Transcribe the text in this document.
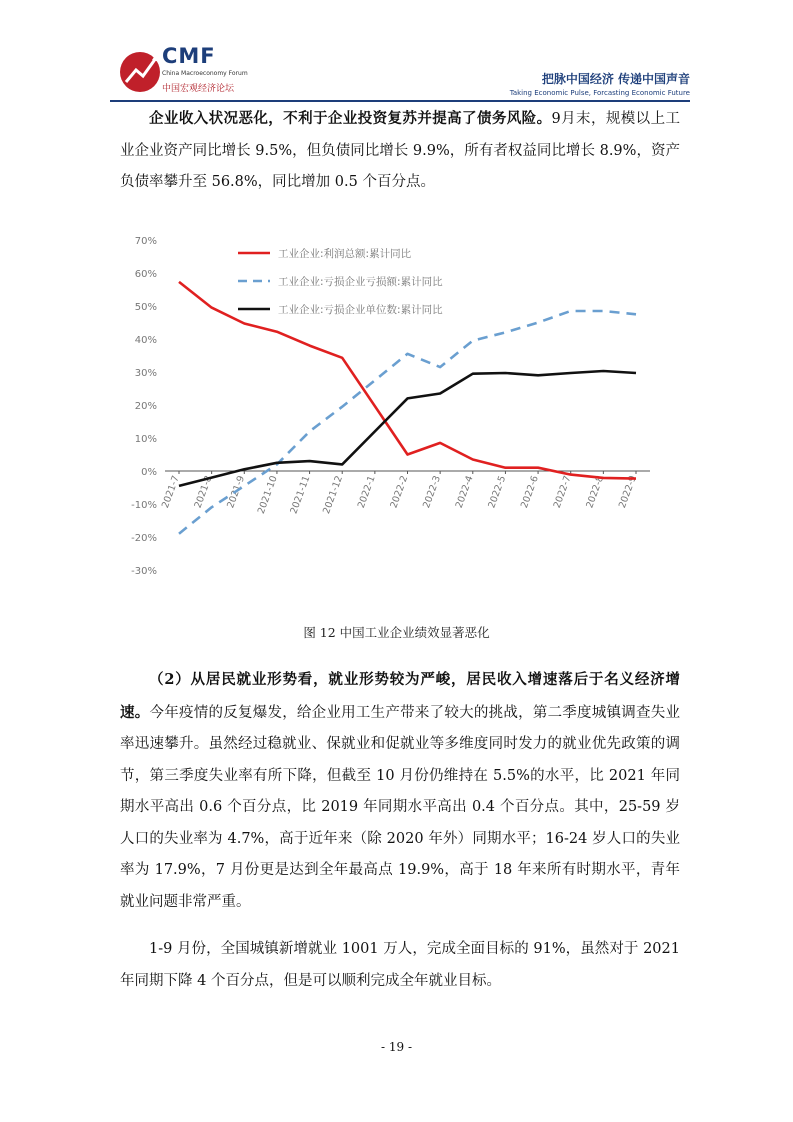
CMF
China Macroeconomy Forum
中国宏观经济论坛
把脉中国经济 传递中国声音
Taking Economic Pulse, Forcasting Economic Future

企业收入状况恶化，不利于企业投资复苏并提高了债务风险。9月末，规模以上工业企业资产同比增长 9.5%，但负债同比增长 9.9%，所有者权益同比增长 8.9%，资产负债率攀升至 56.8%，同比增加 0.5 个百分点。

-30%
-20%
-10%
0%
10%
20%
30%
40%
50%
60%
70%
2021-7 2021-8 2021-9 2021-10 2021-11 2021-12 2022-1 2022-2 2022-3 2022-4 2022-5 2022-6 2022-7 2022-8 2022-9
工业企业:利润总额:累计同比
工业企业:亏损企业亏损额:累计同比
工业企业:亏损企业单位数:累计同比
图 12 中国工业企业绩效显著恶化

（2）从居民就业形势看，就业形势较为严峻，居民收入增速落后于名义经济增速。今年疫情的反复爆发，给企业用工生产带来了较大的挑战，第二季度城镇调查失业率迅速攀升。虽然经过稳就业、保就业和促就业等多维度同时发力的就业优先政策的调节，第三季度失业率有所下降，但截至 10 月份仍维持在 5.5%的水平，比 2021 年同期水平高出 0.6 个百分点，比 2019 年同期水平高出 0.4 个百分点。其中，25-59 岁人口的失业率为 4.7%，高于近年来（除 2020 年外）同期水平；16-24 岁人口的失业率为 17.9%，7 月份更是达到全年最高点 19.9%，高于 18 年来所有时期水平，青年就业问题非常严重。

1-9 月份，全国城镇新增就业 1001 万人，完成全面目标的 91%，虽然对于 2021 年同期下降 4 个百分点，但是可以顺利完成全年就业目标。

- 19 -
